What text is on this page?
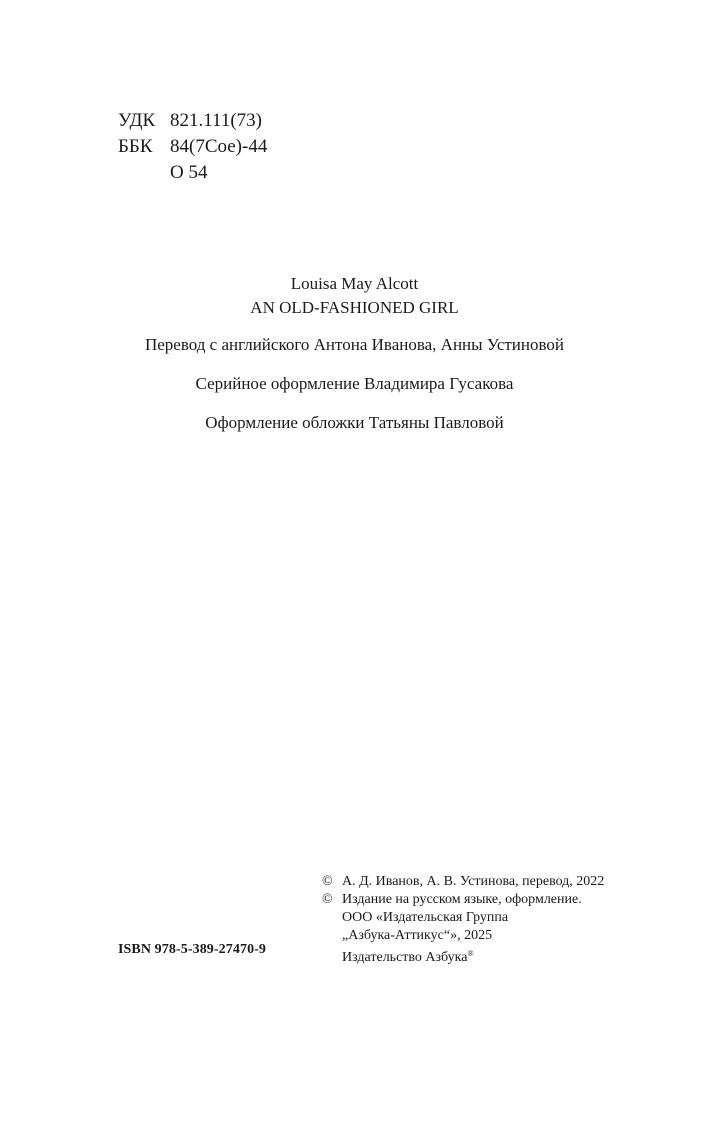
УДК 821.111(73)
ББК 84(7Сое)-44
О 54
Louisa May Alcott
AN OLD-FASHIONED GIRL
Перевод с английского Антона Иванова, Анны Устиновой
Серийное оформление Владимира Гусакова
Оформление обложки Татьяны Павловой
ISBN 978-5-389-27470-9
© А. Д. Иванов, А. В. Устинова, перевод, 2022
© Издание на русском языке, оформление.
ООО «Издательская Группа
„Азбука-Аттикус“», 2025
Издательство Азбука®
